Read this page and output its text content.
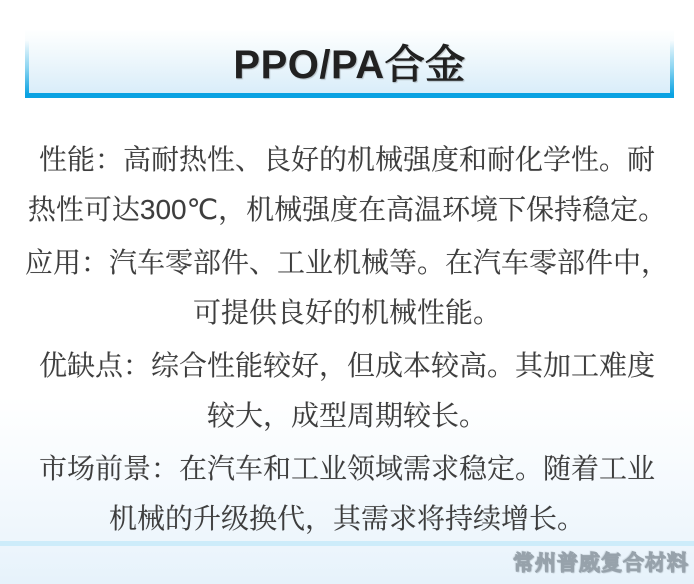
PPO/PA合金

性能：高耐热性、良好的机械强度和耐化学性。耐
热性可达300℃，机械强度在高温环境下保持稳定。

应用：汽车零部件、工业机械等。在汽车零部件中，
可提供良好的机械性能。

优缺点：综合性能较好，但成本较高。其加工难度
较大，成型周期较长。

市场前景：在汽车和工业领域需求稳定。随着工业
机械的升级换代，其需求将持续增长。

常州普威复合材料
